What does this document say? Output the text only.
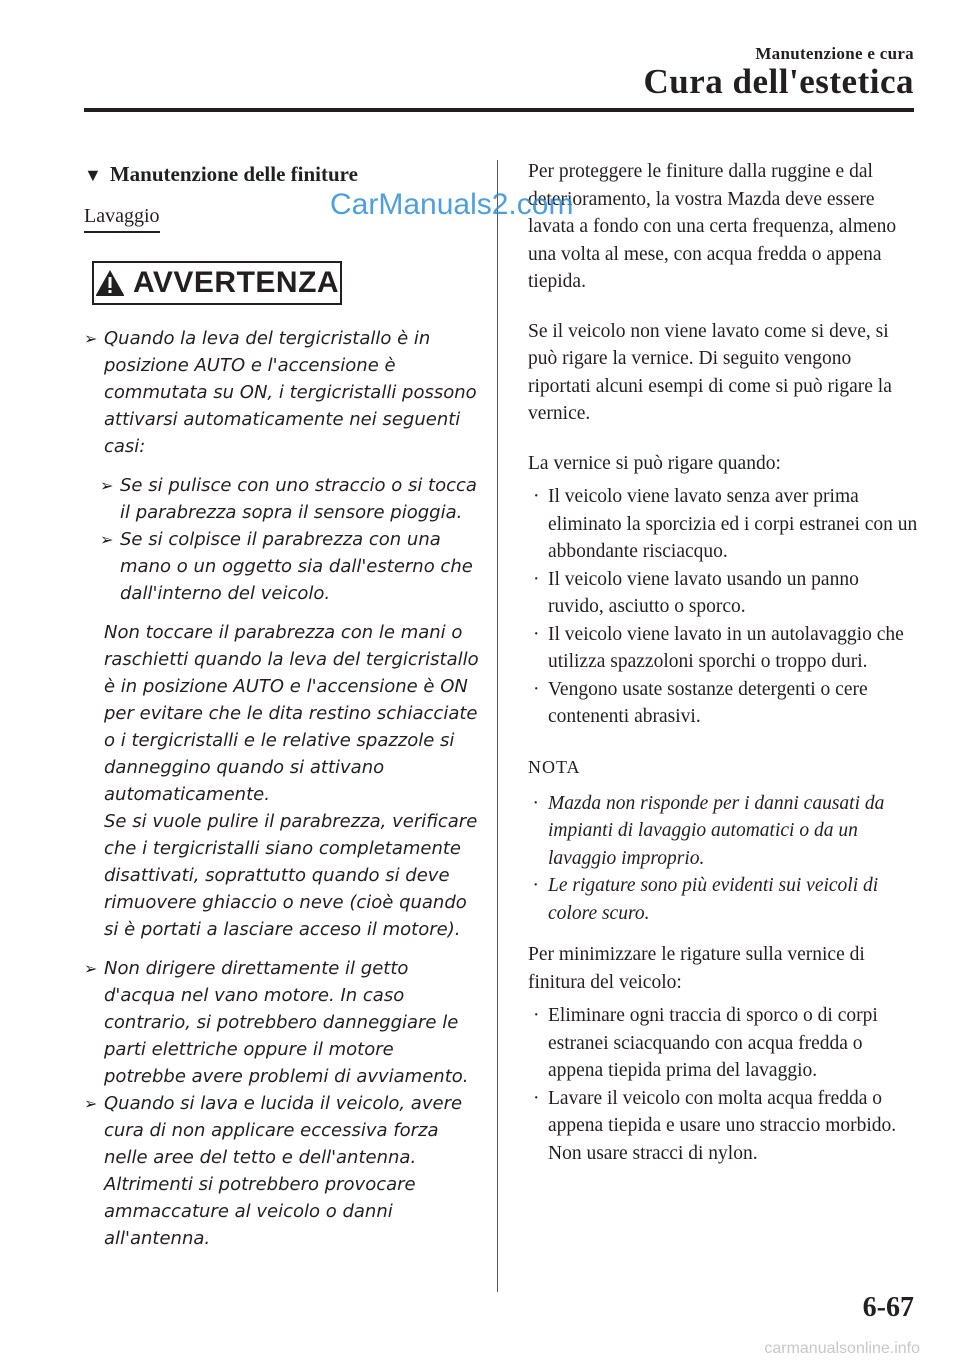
Manutenzione e cura
Cura dell'estetica

▼ Manutenzione delle finiture

Lavaggio
AVVERTENZA

➢ Quando la leva del tergicristallo è in posizione AUTO e l'accensione è commutata su ON, i tergicristalli possono attivarsi automaticamente nei seguenti casi:

➢ Se si pulisce con uno straccio o si tocca il parabrezza sopra il sensore pioggia.

➢ Se si colpisce il parabrezza con una mano o un oggetto sia dall'esterno che dall'interno del veicolo.

Non toccare il parabrezza con le mani o raschietti quando la leva del tergicristallo è in posizione AUTO e l'accensione è ON per evitare che le dita restino schiacciate o i tergicristalli e le relative spazzole si danneggino quando si attivano automaticamente.

Se si vuole pulire il parabrezza, verificare che i tergicristalli siano completamente disattivati, soprattutto quando si deve rimuovere ghiaccio o neve (cioè quando si è portati a lasciare acceso il motore).

➢ Non dirigere direttamente il getto d'acqua nel vano motore. In caso contrario, si potrebbero danneggiare le parti elettriche oppure il motore potrebbe avere problemi di avviamento.

➢ Quando si lava e lucida il veicolo, avere cura di non applicare eccessiva forza nelle aree del tetto e dell'antenna.

Altrimenti si potrebbero provocare ammaccature al veicolo o danni all'antenna.

Per proteggere le finiture dalla ruggine e dal deterioramento, la vostra Mazda deve essere lavata a fondo con una certa frequenza, almeno una volta al mese, con acqua fredda o appena tiepida.

Se il veicolo non viene lavato come si deve, si può rigare la vernice. Di seguito vengono riportati alcuni esempi di come si può rigare la vernice.

La vernice si può rigare quando:

· Il veicolo viene lavato senza aver prima eliminato la sporcizia ed i corpi estranei con un abbondante risciacquo.

· Il veicolo viene lavato usando un panno ruvido, asciutto o sporco.

· Il veicolo viene lavato in un autolavaggio che utilizza spazzoloni sporchi o troppo duri.

· Vengono usate sostanze detergenti o cere contenenti abrasivi.

NOTA

· Mazda non risponde per i danni causati da impianti di lavaggio automatici o da un lavaggio improprio.

· Le rigature sono più evidenti sui veicoli di colore scuro.

Per minimizzare le rigature sulla vernice di finitura del veicolo:

· Eliminare ogni traccia di sporco o di corpi estranei sciacquando con acqua fredda o appena tiepida prima del lavaggio.

· Lavare il veicolo con molta acqua fredda o appena tiepida e usare uno straccio morbido. Non usare stracci di nylon.

CarManuals2.com
6-67
carmanualsonline.info
